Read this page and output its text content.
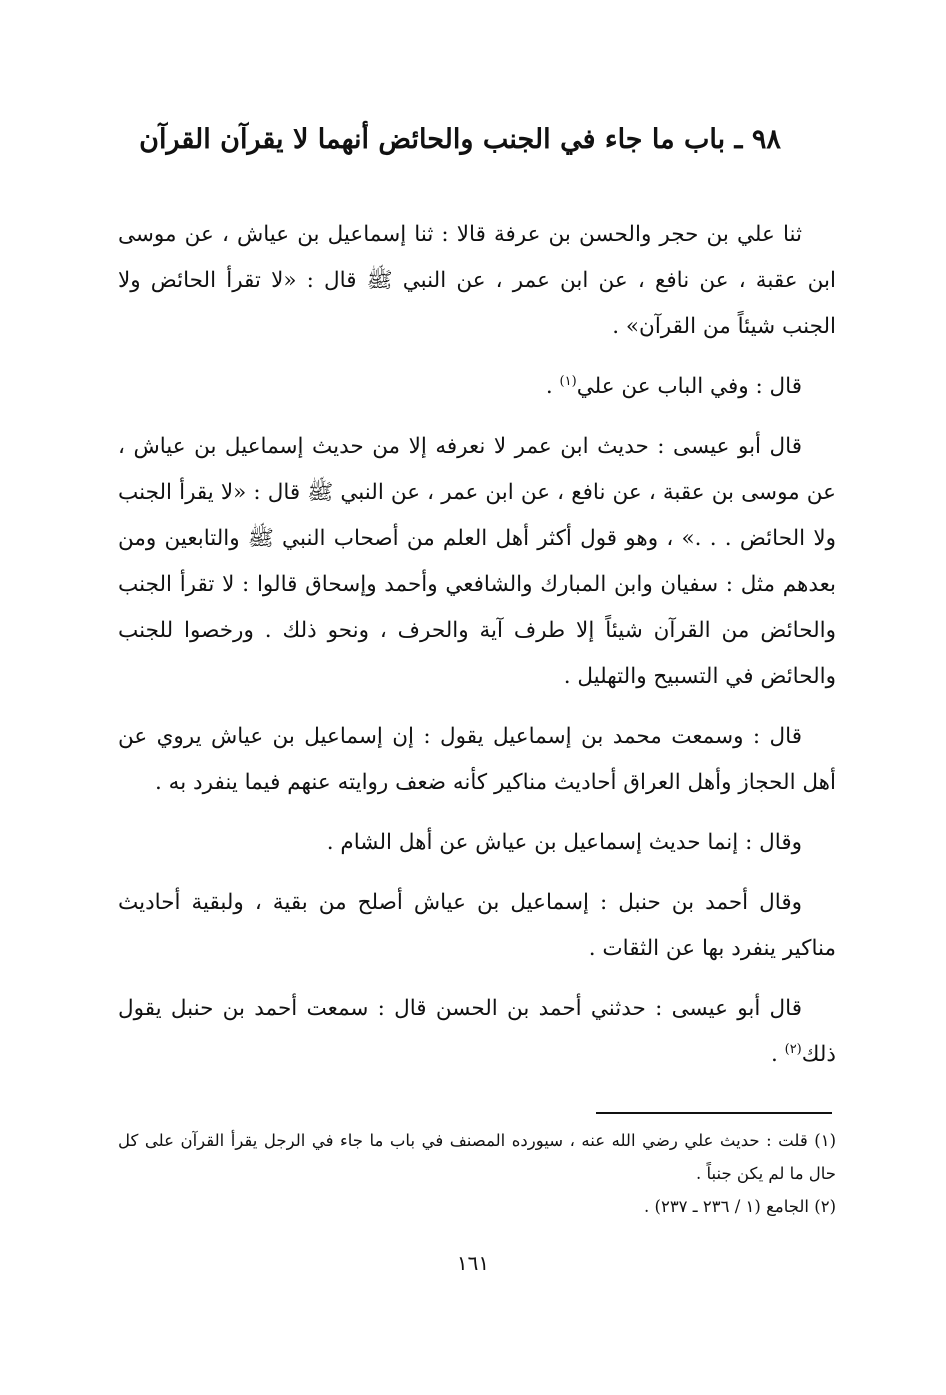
٩٨ ـ باب ما جاء في الجنب والحائض أنهما لا يقرآن القرآن

ثنا علي بن حجر والحسن بن عرفة قالا : ثنا إسماعيل بن عياش ، عن موسى ابن عقبة ، عن نافع ، عن ابن عمر ، عن النبي ﷺ قال : «لا تقرأ الحائض ولا الجنب شيئاً من القرآن» .

قال : وفي الباب عن علي$^{(١)}$ .

قال أبو عيسى : حديث ابن عمر لا نعرفه إلا من حديث إسماعيل بن عياش ، عن موسى بن عقبة ، عن نافع ، عن ابن عمر ، عن النبي ﷺ قال : «لا يقرأ الجنب ولا الحائض . . .» ، وهو قول أكثر أهل العلم من أصحاب النبي ﷺ والتابعين ومن بعدهم مثل : سفيان وابن المبارك والشافعي وأحمد وإسحاق قالوا : لا تقرأ الجنب والحائض من القرآن شيئاً إلا طرف آية والحرف ، ونحو ذلك . ورخصوا للجنب والحائض في التسبيح والتهليل .

قال : وسمعت محمد بن إسماعيل يقول : إن إسماعيل بن عياش يروي عن أهل الحجاز وأهل العراق أحاديث مناكير كأنه ضعف روايته عنهم فيما ينفرد به .

وقال : إنما حديث إسماعيل بن عياش عن أهل الشام .

وقال أحمد بن حنبل : إسماعيل بن عياش أصلح من بقية ، ولبقية أحاديث مناكير ينفرد بها عن الثقات .

قال أبو عيسى : حدثني أحمد بن الحسن قال : سمعت أحمد بن حنبل يقول ذلك$^{(٢)}$ .

(١) قلت : حديث علي رضي الله عنه ، سيورده المصنف في باب ما جاء في الرجل يقرأ القرآن على كل حال ما لم يكن جنباً .

(٢) الجامع (١ / ٢٣٦ ـ ٢٣٧) .

١٦١
